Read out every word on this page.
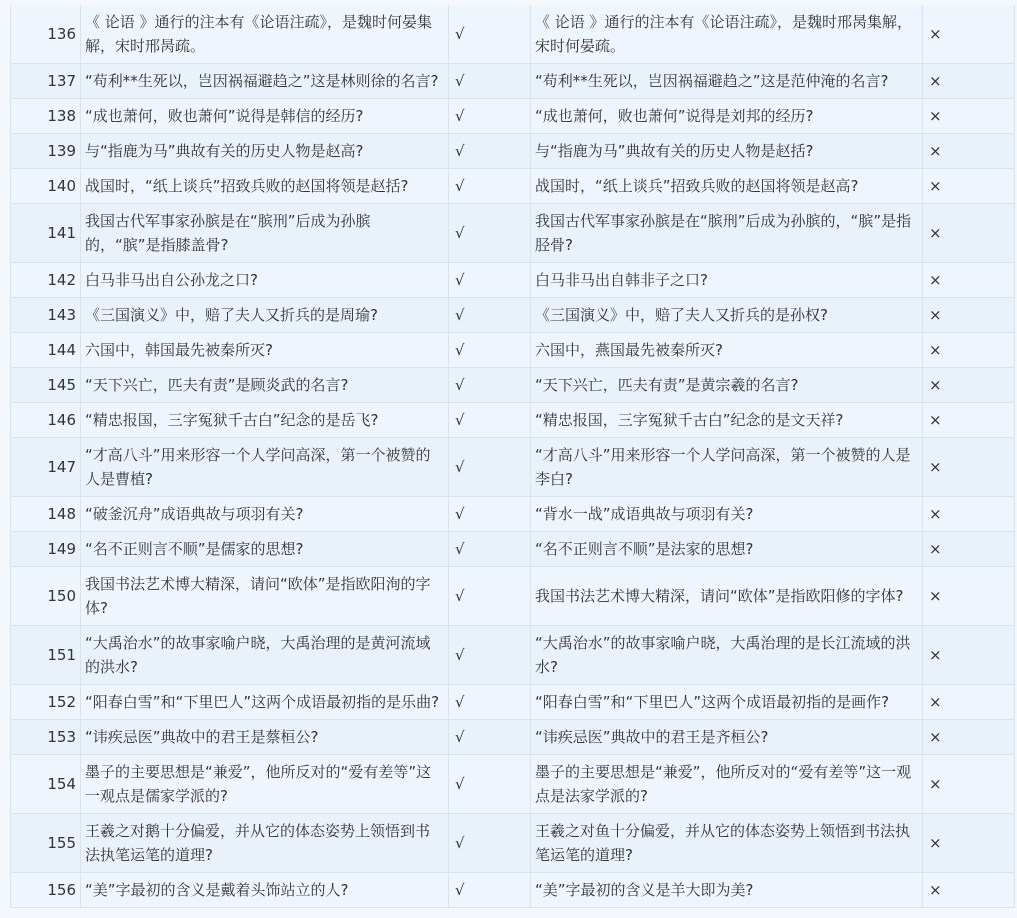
136	《 论语 》通行的注本有《论语注疏》，是魏时何晏集解，宋时邢昺疏。	√	《 论语 》通行的注本有《论语注疏》，是魏时邢昺集解，宋时何晏疏。	×
137	“苟利**生死以，岂因祸福避趋之”这是林则徐的名言?	√	“苟利**生死以，岂因祸福避趋之”这是范仲淹的名言?	×
138	“成也萧何，败也萧何”说得是韩信的经历?	√	“成也萧何，败也萧何”说得是刘邦的经历?	×
139	与“指鹿为马”典故有关的历史人物是赵高?	√	与“指鹿为马”典故有关的历史人物是赵括?	×
140	战国时，“纸上谈兵”招致兵败的赵国将领是赵括?	√	战国时，“纸上谈兵”招致兵败的赵国将领是赵高?	×
141	我国古代军事家孙膑是在“膑刑”后成为孙膑的，“膑”是指膝盖骨?	√	我国古代军事家孙膑是在“膑刑”后成为孙膑的，“膑”是指胫骨?	×
142	白马非马出自公孙龙之口?	√	白马非马出自韩非子之口?	×
143	《三国演义》中，赔了夫人又折兵的是周瑜?	√	《三国演义》中，赔了夫人又折兵的是孙权?	×
144	六国中，韩国最先被秦所灭?	√	六国中，燕国最先被秦所灭?	×
145	“天下兴亡，匹夫有责”是顾炎武的名言?	√	“天下兴亡，匹夫有责”是黄宗羲的名言?	×
146	“精忠报国，三字冤狱千古白”纪念的是岳飞?	√	“精忠报国，三字冤狱千古白”纪念的是文天祥?	×
147	“才高八斗”用来形容一个人学问高深，第一个被赞的人是曹植?	√	“才高八斗”用来形容一个人学问高深，第一个被赞的人是李白?	×
148	“破釜沉舟”成语典故与项羽有关?	√	“背水一战”成语典故与项羽有关?	×
149	“名不正则言不顺”是儒家的思想?	√	“名不正则言不顺”是法家的思想?	×
150	我国书法艺术博大精深，请问“欧体”是指欧阳洵的字体?	√	我国书法艺术博大精深，请问“欧体”是指欧阳修的字体?	×
151	“大禹治水”的故事家喻户晓，大禹治理的是黄河流域的洪水?	√	“大禹治水”的故事家喻户晓，大禹治理的是长江流域的洪水?	×
152	“阳春白雪”和“下里巴人”这两个成语最初指的是乐曲?	√	“阳春白雪”和“下里巴人”这两个成语最初指的是画作?	×
153	“讳疾忌医”典故中的君王是蔡桓公?	√	“讳疾忌医”典故中的君王是齐桓公?	×
154	墨子的主要思想是“兼爱”，他所反对的“爱有差等”这一观点是儒家学派的?	√	墨子的主要思想是“兼爱”，他所反对的“爱有差等”这一观点是法家学派的?	×
155	王羲之对鹅十分偏爱，并从它的体态姿势上领悟到书法执笔运笔的道理?	√	王羲之对鱼十分偏爱，并从它的体态姿势上领悟到书法执笔运笔的道理?	×
156	“美”字最初的含义是戴着头饰站立的人?	√	“美”字最初的含义是羊大即为美?	×
